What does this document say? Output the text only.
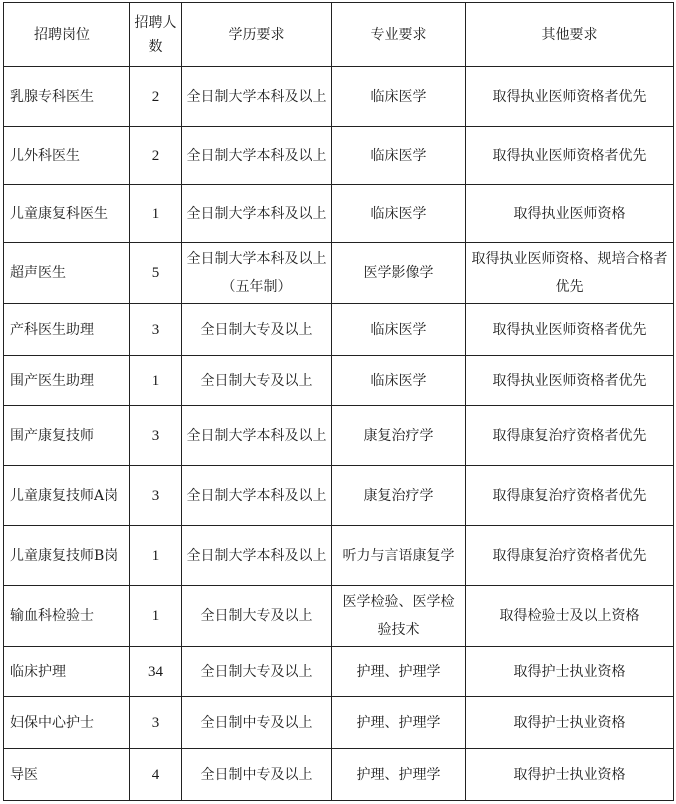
招聘岗位	招聘人数	学历要求	专业要求	其他要求
乳腺专科医生	2	全日制大学本科及以上	临床医学	取得执业医师资格者优先
儿外科医生	2	全日制大学本科及以上	临床医学	取得执业医师资格者优先
儿童康复科医生	1	全日制大学本科及以上	临床医学	取得执业医师资格
超声医生	5	全日制大学本科及以上（五年制）	医学影像学	取得执业医师资格、规培合格者优先
产科医生助理	3	全日制大专及以上	临床医学	取得执业医师资格者优先
围产医生助理	1	全日制大专及以上	临床医学	取得执业医师资格者优先
围产康复技师	3	全日制大学本科及以上	康复治疗学	取得康复治疗资格者优先
儿童康复技师A岗	3	全日制大学本科及以上	康复治疗学	取得康复治疗资格者优先
儿童康复技师B岗	1	全日制大学本科及以上	听力与言语康复学	取得康复治疗资格者优先
输血科检验士	1	全日制大专及以上	医学检验、医学检验技术	取得检验士及以上资格
临床护理	34	全日制大专及以上	护理、护理学	取得护士执业资格
妇保中心护士	3	全日制中专及以上	护理、护理学	取得护士执业资格
导医	4	全日制中专及以上	护理、护理学	取得护士执业资格
